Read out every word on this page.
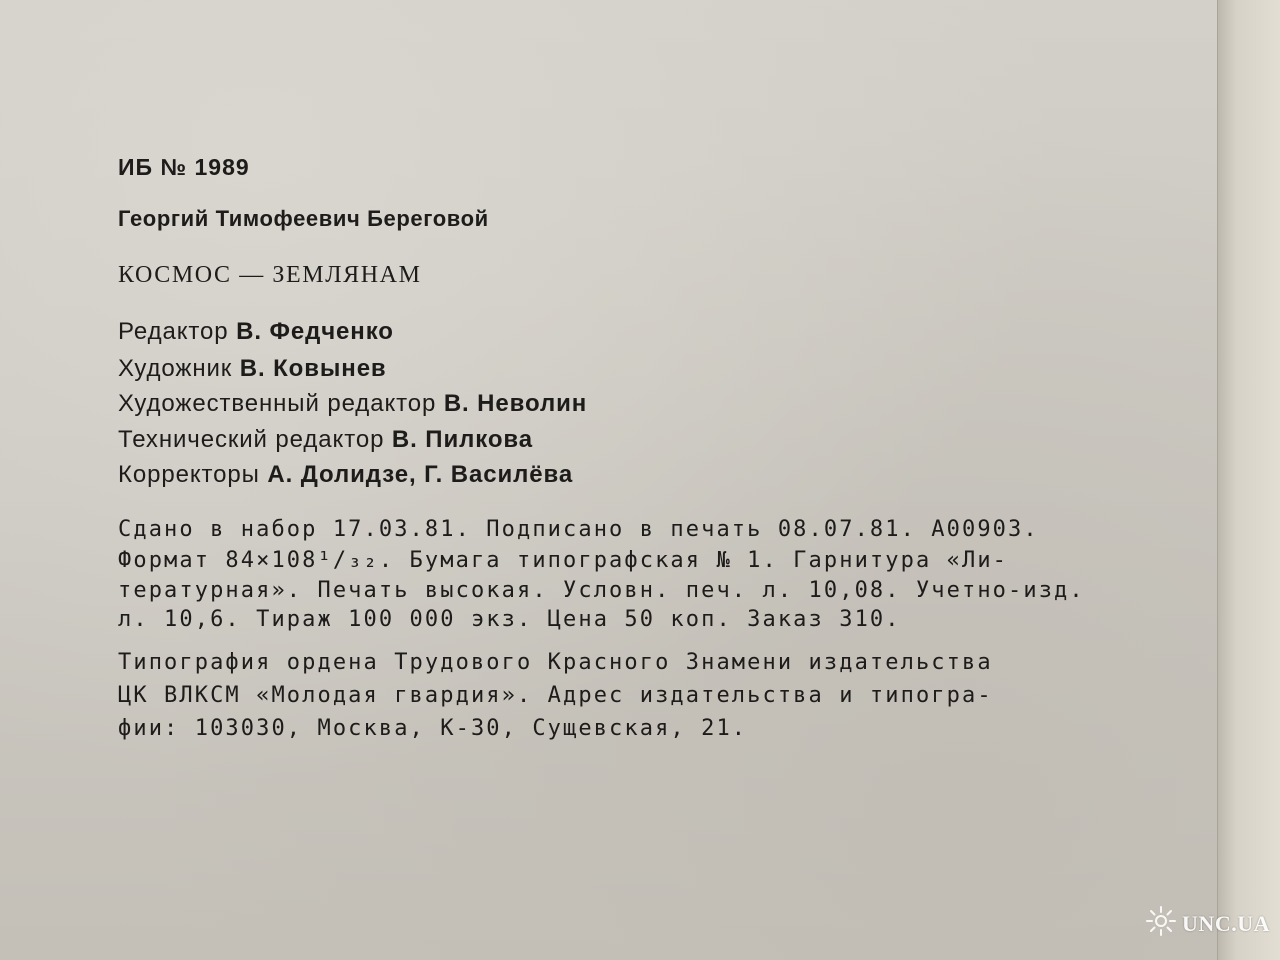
ИБ № 1989

Георгий Тимофеевич Береговой

КОСМОС — ЗЕМЛЯНАМ

Редактор В. Федченко

Художник В. Ковынев

Художественный редактор В. Неволин

Технический редактор В. Пилкова

Корректоры А. Долидзе, Г. Василёва

Сдано в набор 17.03.81. Подписано в печать 08.07.81. А00903.

Формат 84×108¹/₃₂. Бумага типографская № 1. Гарнитура «Ли-

тературная». Печать высокая. Условн. печ. л. 10,08. Учетно-изд.

л. 10,6. Тираж 100 000 экз. Цена 50 коп. Заказ 310.

Типография ордена Трудового Красного Знамени издательства

ЦК ВЛКСМ «Молодая гвардия». Адрес издательства и типогра-

фии: 103030, Москва, К-30, Сущевская, 21.

UNC.UA
